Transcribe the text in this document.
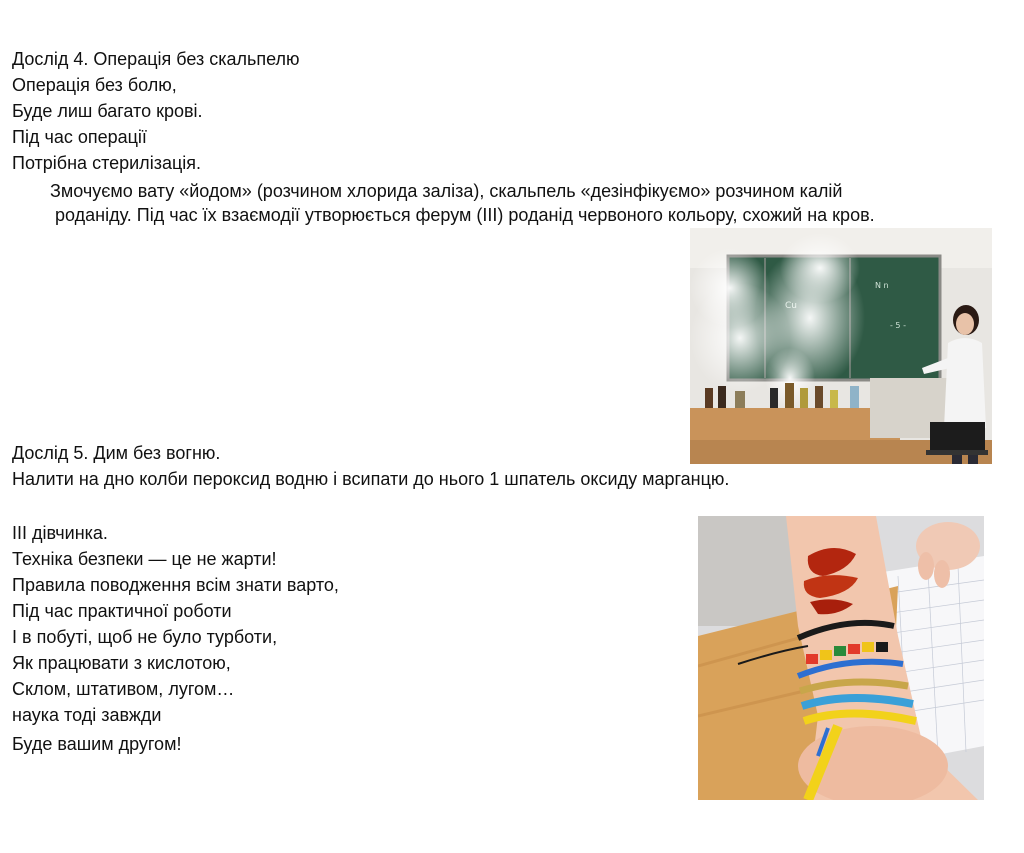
Дослід 4. Операція без скальпелю
Операція без болю,
Буде лиш багато крові.
Під час операції
Потрібна стерилізація.
Змочуємо вату «йодом» (розчином хлорида заліза), скальпель «дезінфікуємо» розчином калій
роданіду. Під час їх взаємодії утворюється ферум (ІІІ) роданід червоного кольору, схожий на кров.
N n
- 5 -
Дослід 5. Дим без вогню.
Налити на дно колби пероксид водню і всипати до нього 1 шпатель оксиду марганцю.
ІІІ дівчинка.
Техніка безпеки — це не жарти!
Правила поводження всім знати варто,
Під час практичної роботи
І в побуті, щоб не було турботи,
Як працювати з кислотою,
Склом, штативом, лугом…
наука тоді завжди
Буде вашим другом!
